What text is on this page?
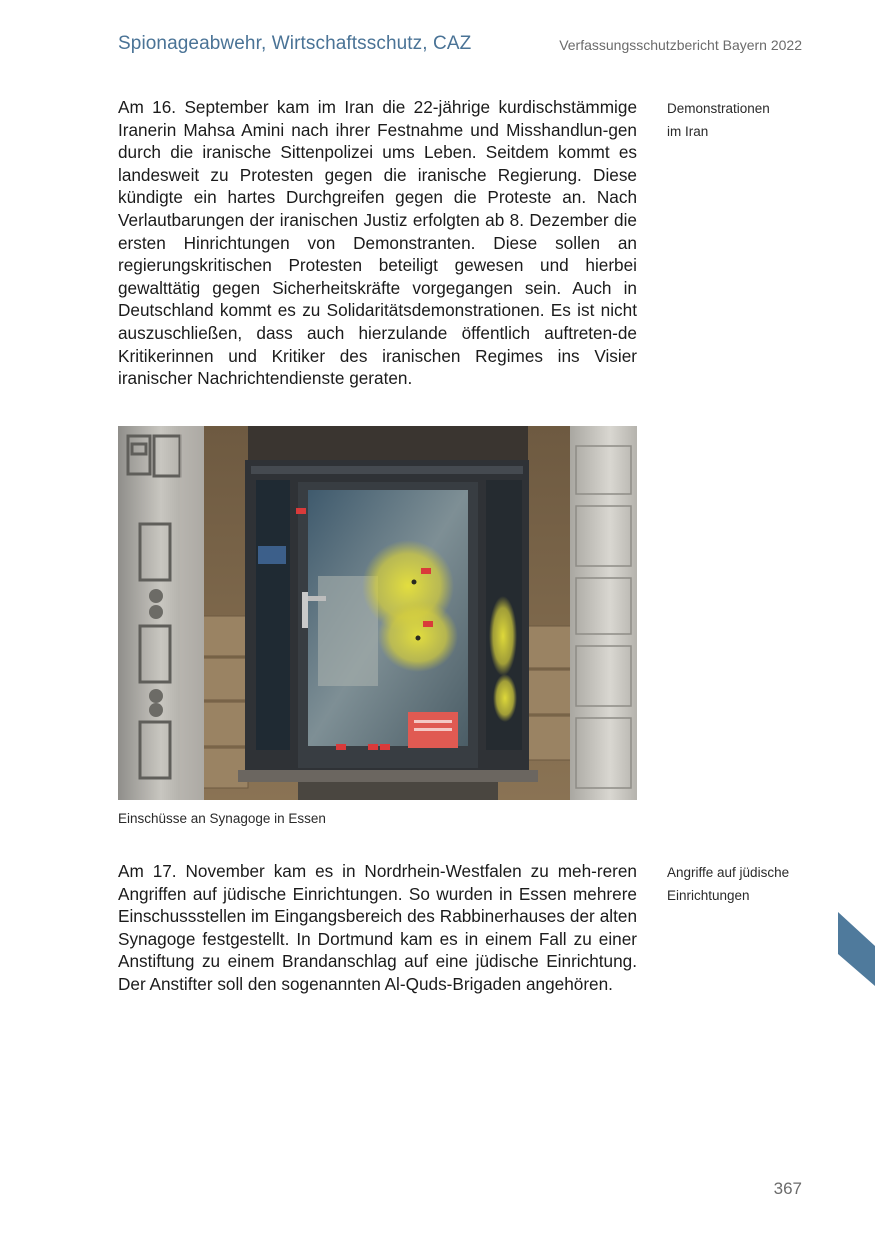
Spionageabwehr, Wirtschaftsschutz, CAZ	Verfassungsschutzbericht Bayern 2022
Am 16. September kam im Iran die 22-jährige kurdischstämmige Iranerin Mahsa Amini nach ihrer Festnahme und Misshandlun-gen durch die iranische Sittenpolizei ums Leben. Seitdem kommt es landesweit zu Protesten gegen die iranische Regierung. Diese kündigte ein hartes Durchgreifen gegen die Proteste an. Nach Verlautbarungen der iranischen Justiz erfolgten ab 8. Dezember die ersten Hinrichtungen von Demonstranten. Diese sollen an regierungskritischen Protesten beteiligt gewesen und hierbei gewalttätig gegen Sicherheitskräfte vorgegangen sein. Auch in Deutschland kommt es zu Solidaritätsdemonstrationen. Es ist nicht auszuschließen, dass auch hierzulande öffentlich auftreten-de Kritikerinnen und Kritiker des iranischen Regimes ins Visier iranischer Nachrichtendienste geraten.
Demonstrationen
im Iran
Einschüsse an Synagoge in Essen
Am 17. November kam es in Nordrhein-Westfalen zu meh-reren Angriffen auf jüdische Einrichtungen. So wurden in Essen mehrere Einschussstellen im Eingangsbereich des Rabbinerhauses der alten Synagoge festgestellt. In Dortmund kam es in einem Fall zu einer Anstiftung zu einem Brandanschlag auf eine jüdische Einrichtung. Der Anstifter soll den sogenannten Al-Quds-Brigaden angehören.
Angriffe auf jüdische
Einrichtungen
367
